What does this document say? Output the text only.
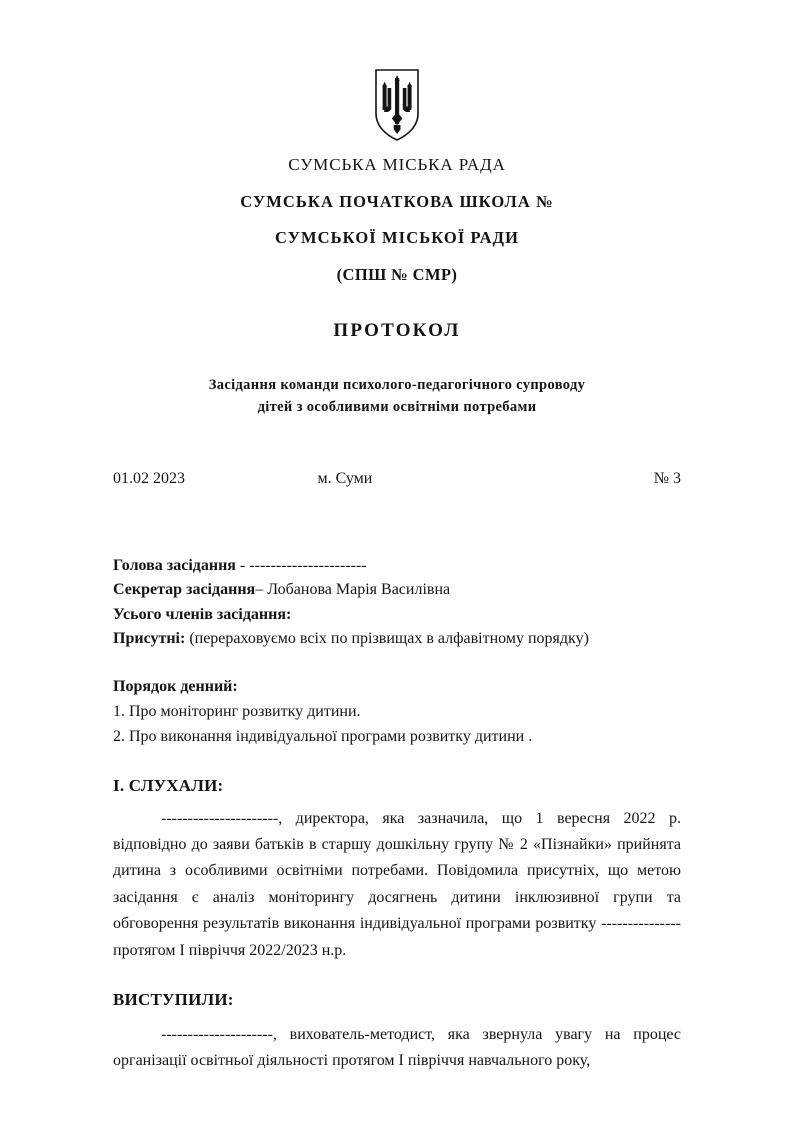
СУМСЬКА МІСЬКА РАДА
СУМСЬКА ПОЧАТКОВА ШКОЛА №
СУМСЬКОЇ МІСЬКОЇ РАДИ
(СПШ № СМР)
ПРОТОКОЛ
Засідання команди психолого-педагогічного супроводу
дітей з особливими освітніми потребами
01.02 2023	м. Суми	№ 3
Голова засідання - ----------------------
Секретар засідання– Лобанова Марія Василівна
Усього членів засідання:
Присутні: (перераховуємо всіх по прізвищах в алфавітному порядку)
Порядок денний:
1. Про моніторинг розвитку дитини.
2. Про виконання індивідуальної програми розвитку дитини .
І. СЛУХАЛИ:
----------------------, директора, яка зазначила, що 1 вересня 2022 р. відповідно до заяви батьків в старшу дошкільну групу № 2 «Пізнайки» прийнята дитина з особливими освітніми потребами. Повідомила присутніх, що метою засідання є аналіз моніторингу досягнень дитини інклюзивної групи та обговорення результатів виконання індивідуальної програми розвитку --------------- протягом І півріччя 2022/2023 н.р.
ВИСТУПИЛИ:
---------------------, вихователь-методист, яка звернула увагу на процес організації освітньої діяльності протягом І півріччя навчального року,
